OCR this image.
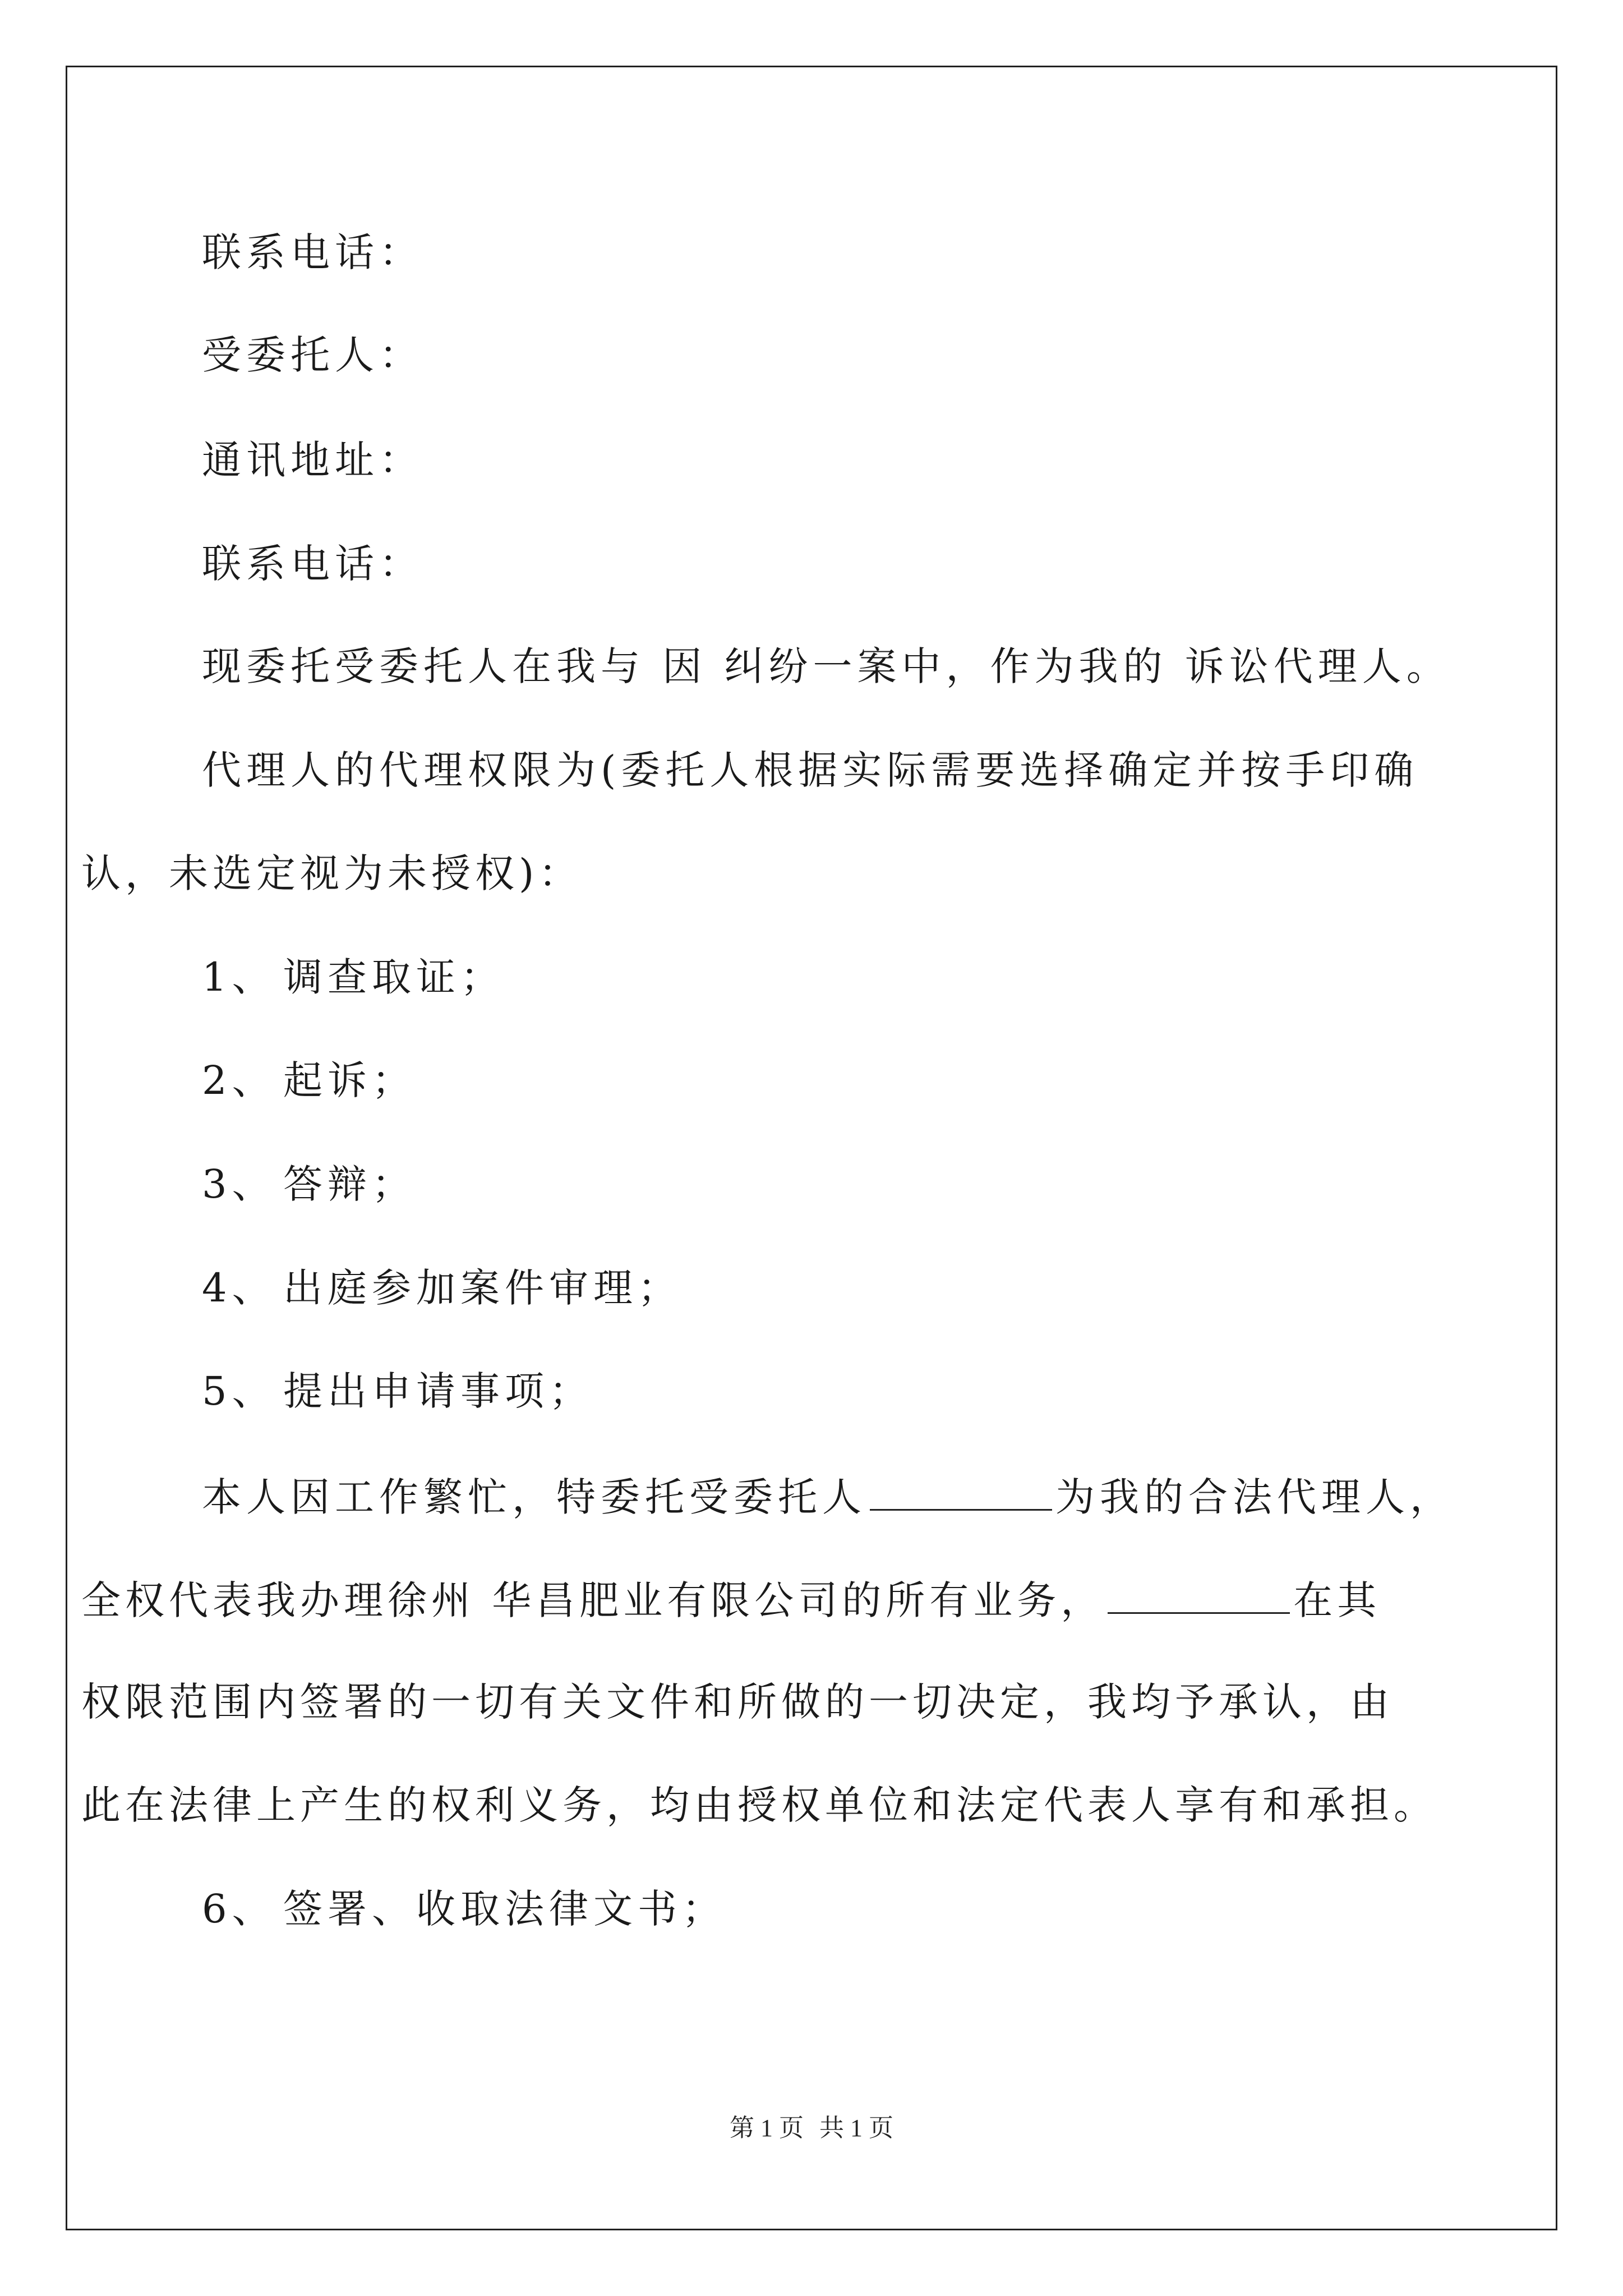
联系电话：
受委托人：
通讯地址：
联系电话：
现委托受委托人在我与 因 纠纷一案中，作为我的 诉讼代理人。
代理人的代理权限为(委托人根据实际需要选择确定并按手印确
认，未选定视为未授权)：
1、 调查取证；
2、 起诉；
3、 答辩；
4、 出庭参加案件审理；
5、 提出申请事项；
本人因工作繁忙，特委托受委托人	为我的合法代理人，
全权代表我办理徐州 华昌肥业有限公司的所有业务，	在其
权限范围内签署的一切有关文件和所做的一切决定，我均予承认，由
此在法律上产生的权利义务，均由授权单位和法定代表人享有和承担。
6、 签署、收取法律文书；
第 1 页 共 1 页
